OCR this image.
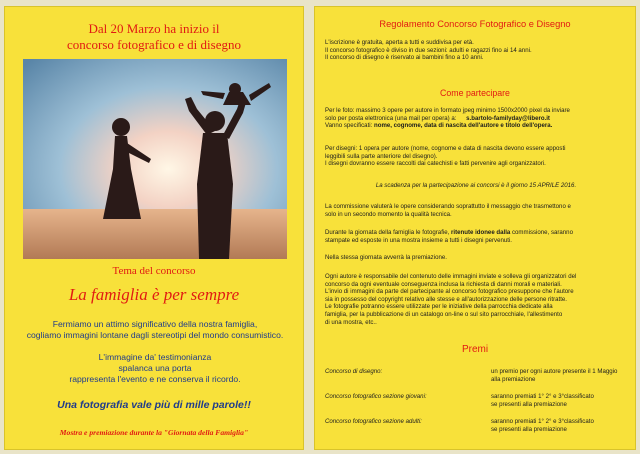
Dal 20 Marzo ha inizio il
concorso fotografico e di disegno
Tema del concorso
La famiglia è per sempre
Fermiamo un attimo significativo della nostra famiglia,
cogliamo immagini lontane dagli stereotipi del mondo consumistico.
L'immagine da' testimonianza
spalanca una porta
rappresenta l'evento e ne conserva il ricordo.
Una fotografia vale più di mille parole!!
Mostra e premiazione durante la "Giornata della Famiglia"
Regolamento Concorso Fotografico e Disegno
L'iscrizione è gratuita, aperta a tutti e suddivisa per età.
Il concorso fotografico è diviso in due sezioni: adulti e ragazzi fino ai 14 anni.
Il concorso di disegno è riservato ai bambini fino a 10 anni.
Come partecipare
Per le foto: massimo 3 opere per autore in formato jpeg minimo 1500x2000 pixel da inviare
solo per posta elettronica (una mail per opera) a: s.bartolo-familyday@libero.it
Vanno specificati: nome, cognome, data di nascita dell'autore e titolo dell'opera.
Per disegni: 1 opera per autore (nome, cognome e data di nascita devono essere apposti
leggibili sulla parte anteriore del disegno).
I disegni dovranno essere raccolti dai catechisti e fatti pervenire agli organizzatori.
La scadenza per la partecipazione ai concorsi è il giorno 15 APRILE 2016.
La commissione valuterà le opere considerando soprattutto il messaggio che trasmettono e
solo in un secondo momento la qualità tecnica.
Durante la giornata della famiglia le fotografie, ritenute idonee dalla commissione, saranno
stampate ed esposte in una mostra insieme a tutti i disegni pervenuti.
Nella stessa giornata avverrà la premiazione.
Ogni autore è responsabile del contenuto delle immagini inviate e solleva gli organizzatori del
concorso da ogni eventuale conseguenza inclusa la richiesta di danni morali e materiali.
L'invio di immagini da parte del partecipante al concorso fotografico presuppone che l'autore
sia in possesso del copyright relativo alle stesse e all'autorizzazione delle persone ritratte.
Le fotografie potranno essere utilizzate per le iniziative della parrocchia dedicate alla
famiglia, per la pubblicazione di un catalogo on-line o sul sito parrocchiale, l'allestimento
di una mostra, etc..
Premi
Concorso di disegno:	un premio per ogni autore presente il 1 Maggio
alla premiazione
Concorso fotografico sezione giovani:	saranno premiati 1° 2° e 3°classificato
se presenti alla premiazione
Concorso fotografico sezione adulti:	saranno premiati 1° 2° e 3°classificato
se presenti alla premiazione
